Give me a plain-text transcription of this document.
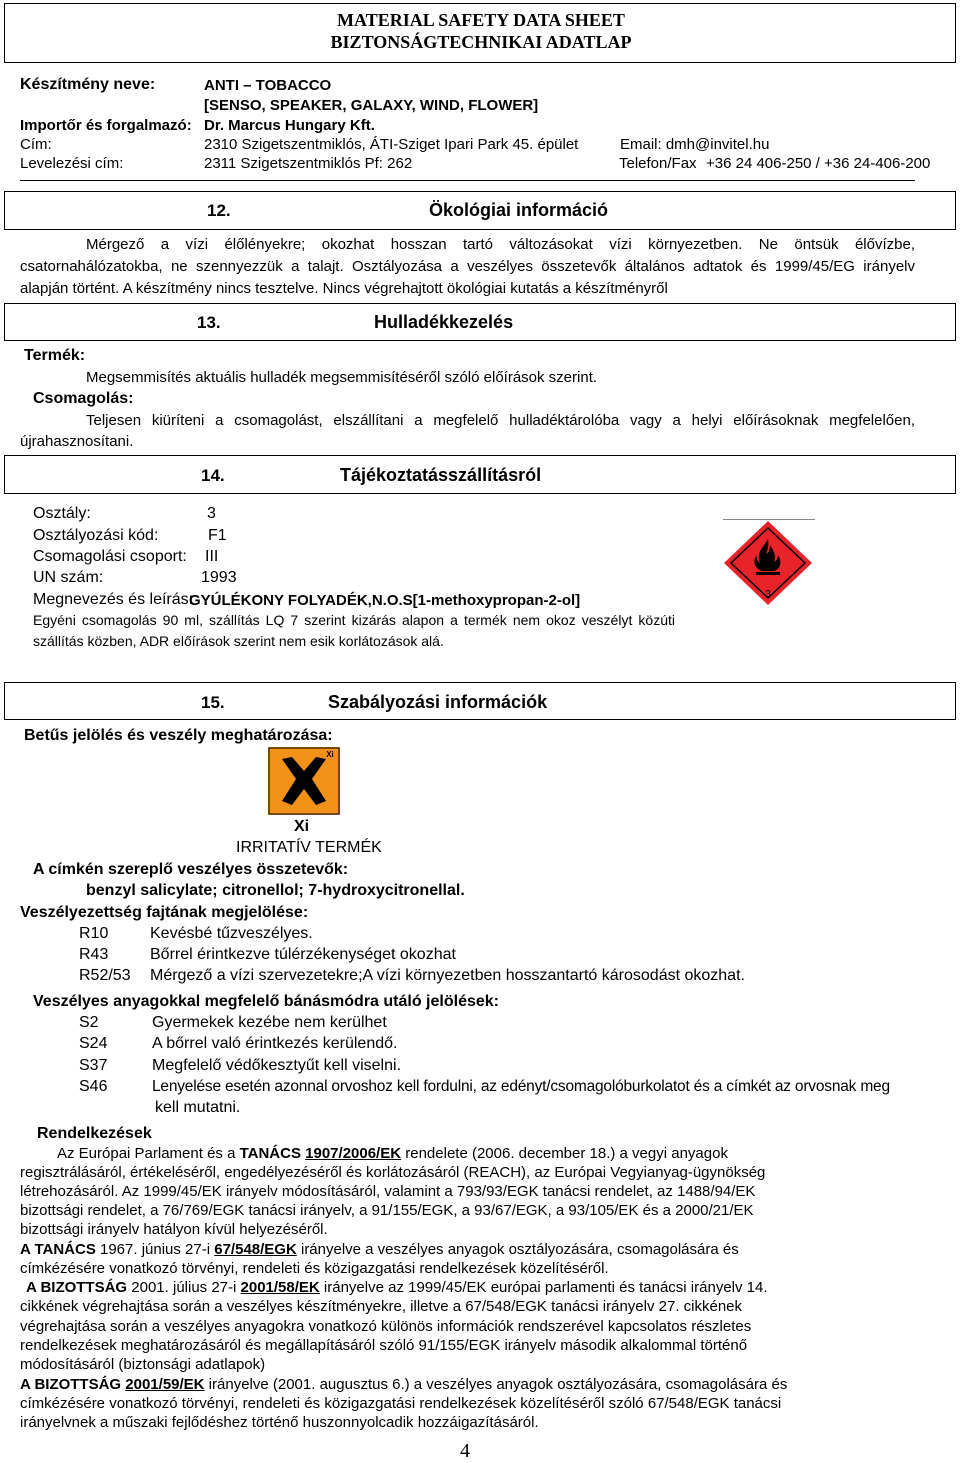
MATERIAL SAFETY DATA SHEET
BIZTONSÁGTECHNIKAI ADATLAP
Készítmény neve:	ANTI – TOBACCO
[SENSO, SPEAKER, GALAXY, WIND, FLOWER]
Importőr és forgalmazó: Dr. Marcus Hungary Kft.
Cím:	2310 Szigetszentmiklós, ÁTI-Sziget Ipari Park 45. épület	Email: dmh@invitel.hu
Levelezési cím:	2311 Szigetszentmiklós Pf: 262	Telefon/Fax +36 24 406-250 / +36 24-406-200
12.	Ökológiai információ
Mérgező a vízi élőlényekre; okozhat hosszan tartó változásokat vízi környezetben. Ne öntsük élővízbe,
csatornahálózatokba, ne szennyezzük a talajt. Osztályozása a veszélyes összetevők általános adtatok és 1999/45/EG irányelv
alapján történt. A készítmény nincs tesztelve. Nincs végrehajtott ökológiai kutatás a készítményről
13.	Hulladékkezelés
Termék:
Megsemmisítés aktuális hulladék megsemmisítéséről szóló előírások szerint.
Csomagolás:
Teljesen kiüríteni a csomagolást, elszállítani a megfelelő hulladéktárolóba vagy a helyi előírásoknak megfelelően,
újrahasznosítani.
14.	Tájékoztatásszállításról
Osztály:	3
Osztályozási kód:	F1
Csomagolási csoport: III
UN szám:	1993
Megnevezés és leírás:
GYÚLÉKONY FOLYADÉK,N.O.S[1-methoxypropan-2-ol]
Egyéni csomagolás 90 ml, szállítás LQ 7 szerint kizárás alapon a termék nem okoz veszélyt közúti
szállítás közben, ADR előírások szerint nem esik korlátozások alá.
3
15.	Szabályozási információk
Betűs jelölés és veszély meghatározása:
Xi
Xi
IRRITATÍV TERMÉK
A címkén szereplő veszélyes összetevők:
benzyl salicylate; citronellol; 7-hydroxycitronellal.
Veszélyezettség fajtának megjelölése:
R10	Kevésbé tűzveszélyes.
R43	Bőrrel érintkezve túlérzékenységet okozhat
R52/53 Mérgező a vízi szervezetekre;A vízi környezetben hosszantartó károsodást okozhat.
Veszélyes anyagokkal megfelelő bánásmódra utáló jelölések:
S2	Gyermekek kezébe nem kerülhet
S24	A bőrrel való érintkezés kerülendő.
S37	Megfelelő védőkesztyűt kell viselni.
S46	Lenyelése esetén azonnal orvoshoz kell fordulni, az edényt/csomagolóburkolatot és a címkét az orvosnak meg
kell mutatni.
Rendelkezések
Az Európai Parlament és a TANÁCS 1907/2006/EK rendelete (2006. december 18.) a vegyi anyagok
regisztrálásáról, értékeléséről, engedélyezéséről és korlátozásáról (REACH), az Európai Vegyianyag-ügynökség
létrehozásáról. Az 1999/45/EK irányelv módosításáról, valamint a 793/93/EGK tanácsi rendelet, az 1488/94/EK
bizottsági rendelet, a 76/769/EGK tanácsi irányelv, a 91/155/EGK, a 93/67/EGK, a 93/105/EK és a 2000/21/EK
bizottsági irányelv hatályon kívül helyezéséről.
A TANÁCS 1967. június 27-i 67/548/EGK irányelve a veszélyes anyagok osztályozására, csomagolására és
címkézésére vonatkozó törvényi, rendeleti és közigazgatási rendelkezések közelítéséről.
A BIZOTTSÁG 2001. július 27-i 2001/58/EK irányelve az 1999/45/EK európai parlamenti és tanácsi irányelv 14.
cikkének végrehajtása során a veszélyes készítményekre, illetve a 67/548/EGK tanácsi irányelv 27. cikkének
végrehajtása során a veszélyes anyagokra vonatkozó különös információk rendszerével kapcsolatos részletes
rendelkezések meghatározásáról és megállapításáról szóló 91/155/EGK irányelv második alkalommal történő
módosításáról (biztonsági adatlapok)
A BIZOTTSÁG 2001/59/EK irányelve (2001. augusztus 6.) a veszélyes anyagok osztályozására, csomagolására és
címkézésére vonatkozó törvényi, rendeleti és közigazgatási rendelkezések közelítéséről szóló 67/548/EGK tanácsi
irányelvnek a műszaki fejlődéshez történő huszonnyolcadik hozzáigazításáról.
4
